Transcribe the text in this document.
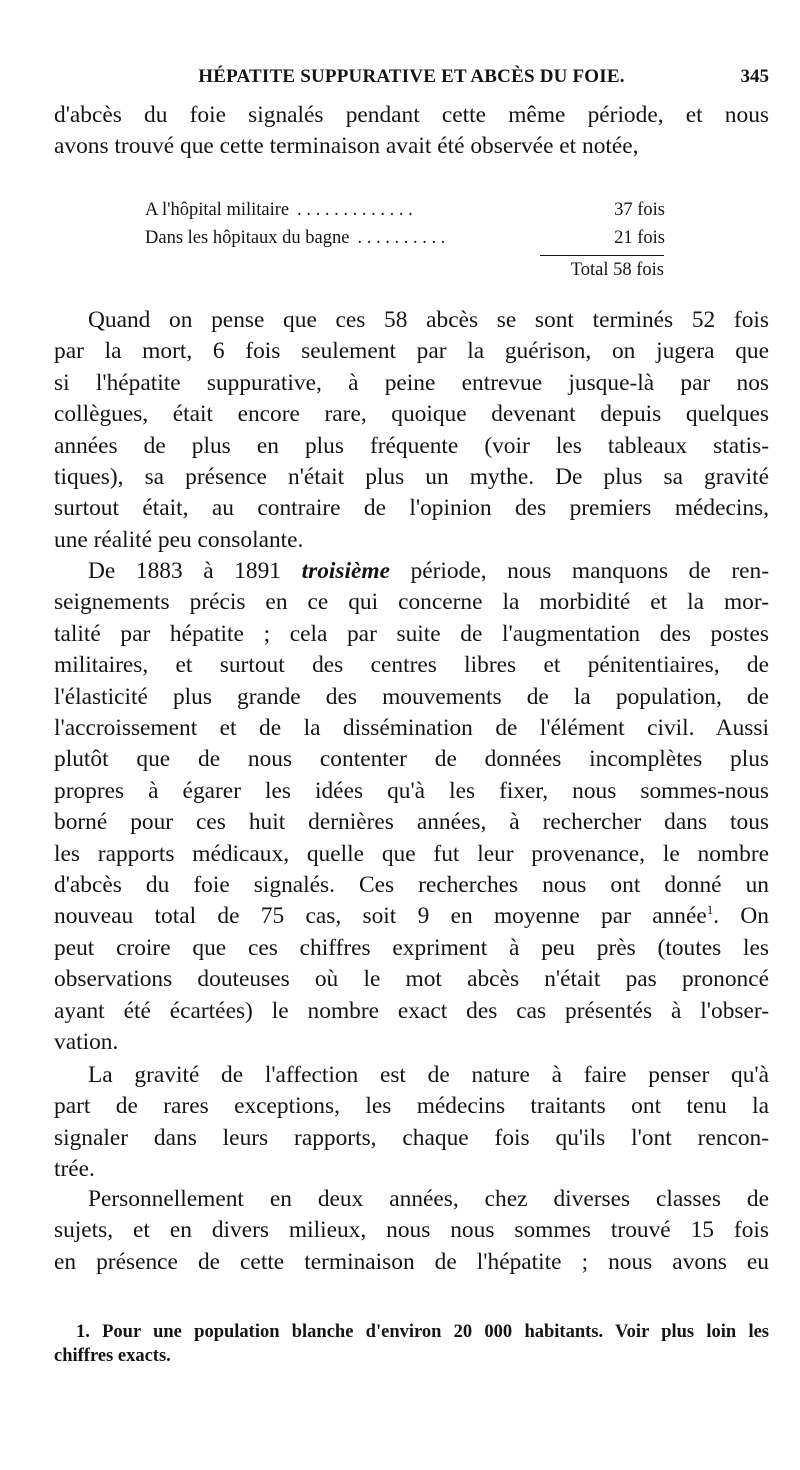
HÉPATITE SUPPURATIVE ET ABCÈS DU FOIE.	345

d'abcès du foie signalés pendant cette même période, et nous

avons trouvé que cette terminaison avait été observée et notée,

A l'hôpital militaire . . . . . . . . . . . . .	37 fois
Dans les hôpitaux du bagne . . . . . . . . . .	21 fois
Total 58 fois

Quand on pense que ces 58 abcès se sont terminés 52 fois

par la mort, 6 fois seulement par la guérison, on jugera que

si l'hépatite suppurative, à peine entrevue jusque-là par nos

collègues, était encore rare, quoique devenant depuis quelques

années de plus en plus fréquente (voir les tableaux statis-

tiques), sa présence n'était plus un mythe. De plus sa gravité

surtout était, au contraire de l'opinion des premiers médecins,

une réalité peu consolante.

De 1883 à 1891 troisième période, nous manquons de ren-

seignements précis en ce qui concerne la morbidité et la mor-

talité par hépatite ; cela par suite de l'augmentation des postes

militaires, et surtout des centres libres et pénitentiaires, de

l'élasticité plus grande des mouvements de la population, de

l'accroissement et de la dissémination de l'élément civil. Aussi

plutôt que de nous contenter de données incomplètes plus

propres à égarer les idées qu'à les fixer, nous sommes-nous

borné pour ces huit dernières années, à rechercher dans tous

les rapports médicaux, quelle que fut leur provenance, le nombre

d'abcès du foie signalés. Ces recherches nous ont donné un

nouveau total de 75 cas, soit 9 en moyenne par année$^1$. On

peut croire que ces chiffres expriment à peu près (toutes les

observations douteuses où le mot abcès n'était pas prononcé

ayant été écartées) le nombre exact des cas présentés à l'obser-

vation.

La gravité de l'affection est de nature à faire penser qu'à

part de rares exceptions, les médecins traitants ont tenu la

signaler dans leurs rapports, chaque fois qu'ils l'ont rencon-

trée.

Personnellement en deux années, chez diverses classes de

sujets, et en divers milieux, nous nous sommes trouvé 15 fois

en présence de cette terminaison de l'hépatite ; nous avons eu

1. Pour une population blanche d'environ 20 000 habitants. Voir plus loin les

chiffres exacts.
